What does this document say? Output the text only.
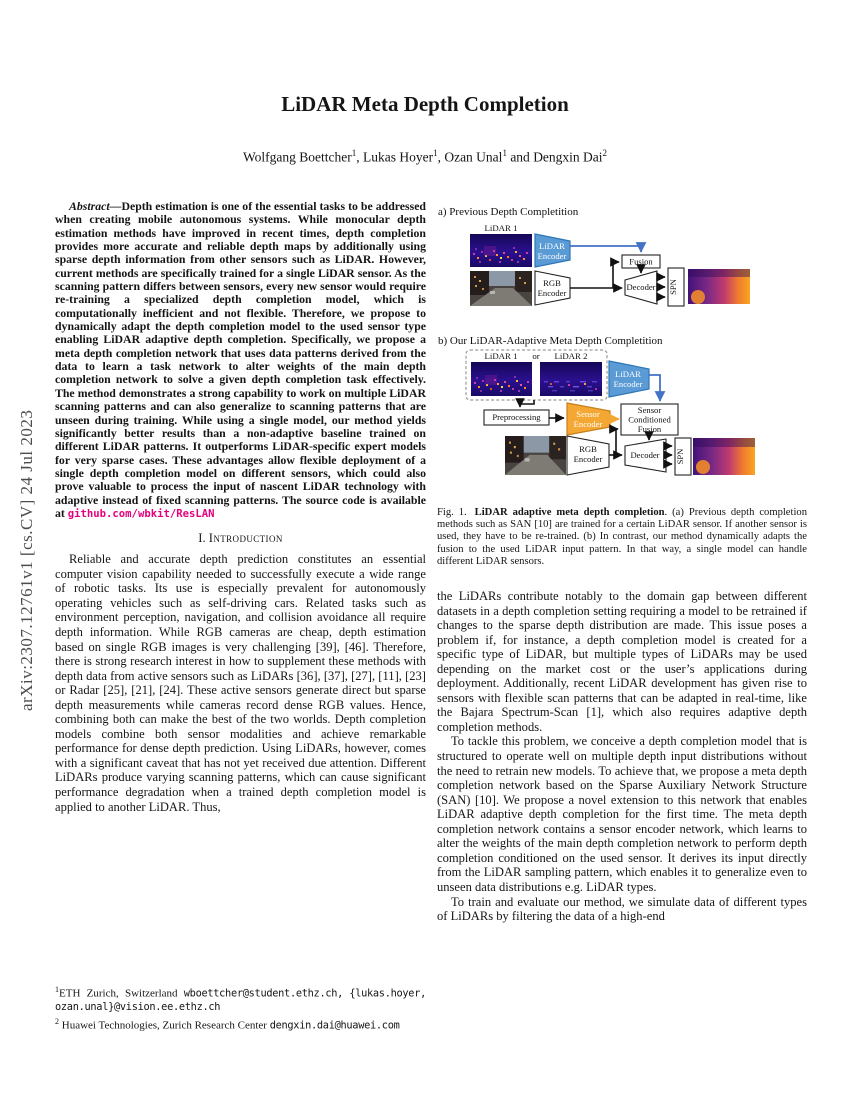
arXiv:2307.12761v1 [cs.CV] 24 Jul 2023
LiDAR Meta Depth Completion
Wolfgang Boettcher$^1$, Lukas Hoyer$^1$, Ozan Unal$^1$ and Dengxin Dai$^2$

Abstract—Depth estimation is one of the essential tasks to be addressed when creating mobile autonomous systems. While monocular depth estimation methods have improved in recent times, depth completion provides more accurate and reliable depth maps by additionally using sparse depth information from other sensors such as LiDAR. However, current methods are specifically trained for a single LiDAR sensor. As the scanning pattern differs between sensors, every new sensor would require re-training a specialized depth completion model, which is computationally inefficient and not flexible. Therefore, we propose to dynamically adapt the depth completion model to the used sensor type enabling LiDAR adaptive depth completion. Specifically, we propose a meta depth completion network that uses data patterns derived from the data to learn a task network to alter weights of the main depth completion network to solve a given depth completion task effectively. The method demonstrates a strong capability to work on multiple LiDAR scanning patterns and can also generalize to scanning patterns that are unseen during training. While using a single model, our method yields significantly better results than a non-adaptive baseline trained on different LiDAR patterns. It outperforms LiDAR-specific expert models for very sparse cases. These advantages allow flexible deployment of a single depth completion model on different sensors, which could also prove valuable to process the input of nascent LiDAR technology with adaptive instead of fixed scanning patterns. The source code is available at github.com/wbkit/ResLAN

I. Introduction

Reliable and accurate depth prediction constitutes an essential computer vision capability needed to successfully execute a wide range of robotic tasks. Its use is especially prevalent for autonomously operating vehicles such as self-driving cars. Related tasks such as environment perception, navigation, and collision avoidance all require depth information. While RGB cameras are cheap, depth estimation based on single RGB images is very challenging [39], [46]. Therefore, there is strong research interest in how to supplement these methods with depth data from active sensors such as LiDARs [36], [37], [27], [11], [23] or Radar [25], [21], [24]. These active sensors generate direct but sparse depth measurements while cameras record dense RGB values. Hence, combining both can make the best of the two worlds. Depth completion models combine both sensor modalities and achieve remarkable performance for dense depth prediction. Using LiDARs, however, comes with a significant caveat that has not yet received due attention. Different LiDARs produce varying scanning patterns, which can cause significant performance degradation when a trained depth completion model is applied to another LiDAR. Thus,

$^1$ETH Zurich, Switzerland wboettcher@student.ethz.ch, {lukas.hoyer, ozan.unal}@vision.ee.ethz.ch
$^2$ Huawei Technologies, Zurich Research Center dengxin.dai@huawei.com
a) Previous Depth Completition
LiDAR 1
LiDAR
Encoder
RGB
Encoder
Fusion
Decoder SPN

b) Our LiDAR-Adaptive Meta Depth Completition
LiDAR 1 or LiDAR 2
LiDAR
Encoder
Preprocessing	Sensor
Encoder
Sensor
Conditioned
Fusion
RGB
Encoder	Decoder SPN

Fig. 1. LiDAR adaptive meta depth completion. (a) Previous depth completion methods such as SAN [10] are trained for a certain LiDAR sensor. If another sensor is used, they have to be re-trained. (b) In contrast, our method dynamically adapts the fusion to the used LiDAR input pattern. In that way, a single model can handle different LiDAR sensors.

the LiDARs contribute notably to the domain gap between different datasets in a depth completion setting requiring a model to be retrained if changes to the sparse depth distribution are made. This issue poses a problem if, for instance, a depth completion model is created for a specific type of LiDAR, but multiple types of LiDARs may be used depending on the market cost or the user’s applications during deployment. Additionally, recent LiDAR development has given rise to sensors with flexible scan patterns that can be adapted in real-time, like the Bajara Spectrum-Scan [1], which also requires adaptive depth completion methods.

To tackle this problem, we conceive a depth completion model that is structured to operate well on multiple depth input distributions without the need to retrain new models. To achieve that, we propose a meta depth completion network based on the Sparse Auxiliary Network Structure (SAN) [10]. We propose a novel extension to this network that enables LiDAR adaptive depth completion for the first time. The meta depth completion network contains a sensor encoder network, which learns to alter the weights of the main depth completion network to perform depth completion conditioned on the used sensor. It derives its input directly from the LiDAR sampling pattern, which enables it to generalize even to unseen data distributions e.g. LiDAR types.

To train and evaluate our method, we simulate data of different types of LiDARs by filtering the data of a high-end
